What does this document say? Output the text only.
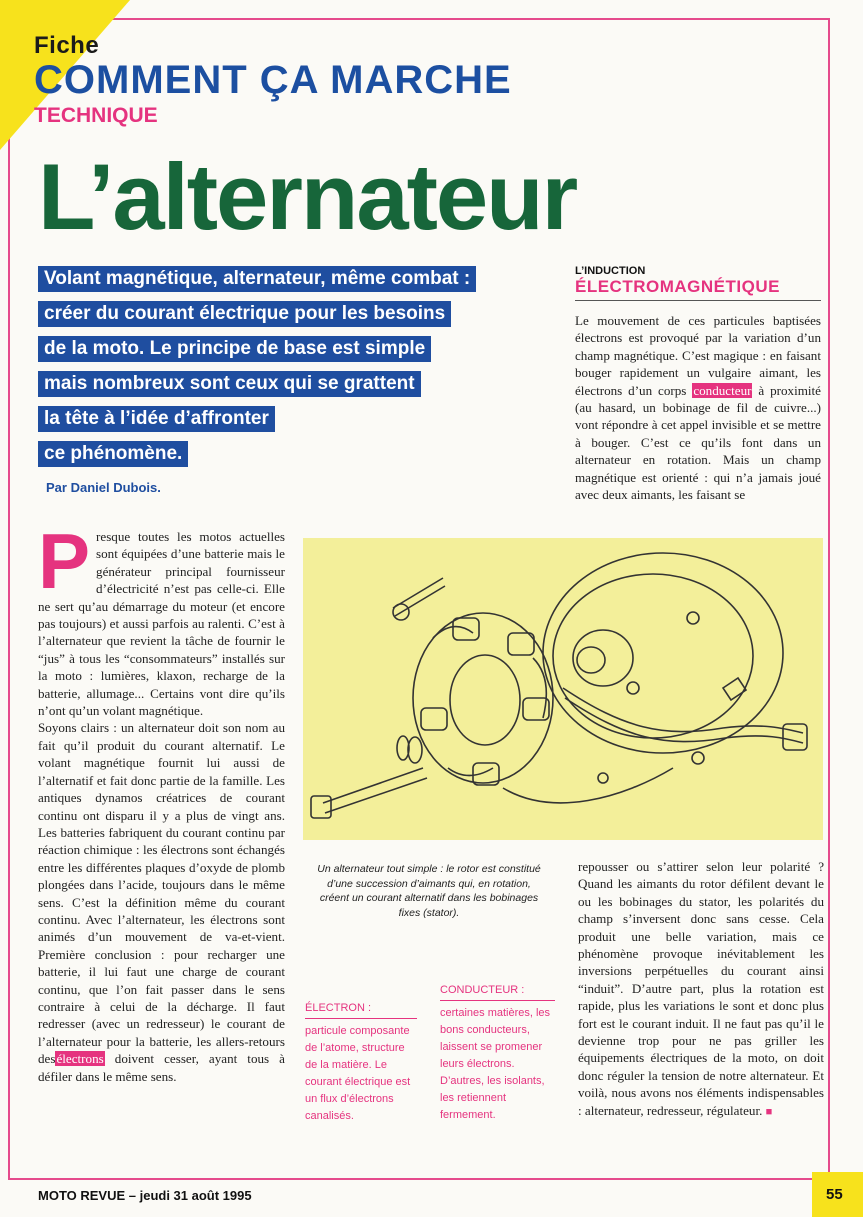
Fiche
COMMENT ÇA MARCHE
TECHNIQUE
L’alternateur
Volant magnétique, alternateur, même combat :
créer du courant électrique pour les besoins
de la moto. Le principe de base est simple
mais nombreux sont ceux qui se grattent
la tête à l’idée d’affronter
ce phénomène.
Par Daniel Dubois.
L’INDUCTION
ÉLECTROMAGNÉTIQUE

Le mouvement de ces particules baptisées électrons est provoqué par la variation d’un champ magnétique. C’est magique : en faisant bouger rapidement un vulgaire aimant, les électrons d’un corps conducteur à proximité (au hasard, un bobinage de fil de cuivre...) vont répondre à cet appel invisible et se mettre à bouger. C’est ce qu’ils font dans un alternateur en rotation. Mais un champ magnétique est orienté : qui n’a jamais joué avec deux aimants, les faisant se

P resque toutes les motos actuelles sont équipées d’une batterie mais le générateur principal fournisseur d’électricité n’est pas celle-ci. Elle ne sert qu’au démarrage du moteur (et encore pas toujours) et aussi parfois au ralenti. C’est à l’alternateur que revient la tâche de fournir le “jus” à tous les “consommateurs” installés sur la moto : lumières, klaxon, recharge de la batterie, allumage... Certains vont dire qu’ils n’ont qu’un volant magnétique.

Soyons clairs : un alternateur doit son nom au fait qu’il produit du courant alternatif. Le volant magnétique fournit lui aussi de l’alternatif et fait donc partie de la famille. Les antiques dynamos créatrices de courant continu ont disparu il y a plus de vingt ans. Les batteries fabriquent du courant continu par réaction chimique : les électrons sont échangés entre les différentes plaques d’oxyde de plomb plongées dans l’acide, toujours dans le même sens. C’est la définition même du courant continu. Avec l’alternateur, les électrons sont animés d’un mouvement de va-et-vient. Première conclusion : pour recharger une batterie, il lui faut une charge de courant continu, que l’on fait passer dans le sens contraire à celui de la décharge. Il faut redresser (avec un redresseur) le courant de l’alternateur pour la batterie, les allers-retours desélectrons doivent cesser, ayant tous à défiler dans le même sens.

Un alternateur tout simple : le rotor est constitué d’une succession d’aimants qui, en rotation, créent un courant alternatif dans les bobinages fixes (stator).
ÉLECTRON :
particule composante de l’atome, structure de la matière. Le courant électrique est un flux d’électrons canalisés.
CONDUCTEUR :
certaines matières, les bons conducteurs, laissent se promener leurs électrons. D’autres, les isolants, les retiennent fermement.

repousser ou s’attirer selon leur polarité ? Quand les aimants du rotor défilent devant le ou les bobinages du stator, les polarités du champ s’inversent donc sans cesse. Cela produit une belle variation, mais ce phénomène provoque inévitablement les inversions perpétuelles du courant ainsi “induit”. D’autre part, plus la rotation est rapide, plus les variations le sont et donc plus fort est le courant induit. Il ne faut pas qu’il le devienne trop pour ne pas griller les équipements électriques de la moto, on doit donc réguler la tension de notre alternateur. Et voilà, nous avons nos éléments indispensables : alternateur, redresseur, régulateur. ■

MOTO REVUE – jeudi 31 août 1995	55
